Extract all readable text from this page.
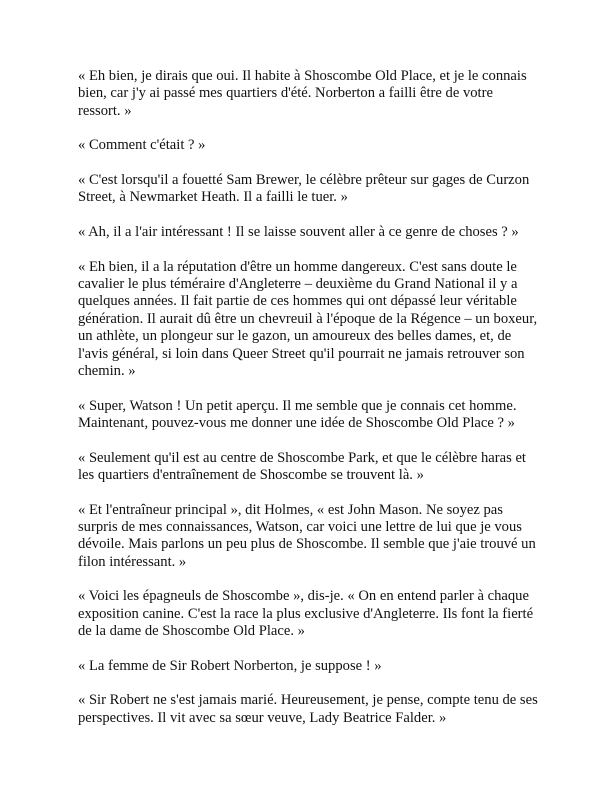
« Eh bien, je dirais que oui. Il habite à Shoscombe Old Place, et je le connais bien, car j'y ai passé mes quartiers d'été. Norberton a failli être de votre ressort. »

« Comment c'était ? »

« C'est lorsqu'il a fouetté Sam Brewer, le célèbre prêteur sur gages de Curzon Street, à Newmarket Heath. Il a failli le tuer. »

« Ah, il a l'air intéressant ! Il se laisse souvent aller à ce genre de choses ? »

« Eh bien, il a la réputation d'être un homme dangereux. C'est sans doute le cavalier le plus téméraire d'Angleterre – deuxième du Grand National il y a quelques années. Il fait partie de ces hommes qui ont dépassé leur véritable génération. Il aurait dû être un chevreuil à l'époque de la Régence – un boxeur, un athlète, un plongeur sur le gazon, un amoureux des belles dames, et, de l'avis général, si loin dans Queer Street qu'il pourrait ne jamais retrouver son chemin. »

« Super, Watson ! Un petit aperçu. Il me semble que je connais cet homme. Maintenant, pouvez-vous me donner une idée de Shoscombe Old Place ? »

« Seulement qu'il est au centre de Shoscombe Park, et que le célèbre haras et les quartiers d'entraînement de Shoscombe se trouvent là. »

« Et l'entraîneur principal », dit Holmes, « est John Mason. Ne soyez pas surpris de mes connaissances, Watson, car voici une lettre de lui que je vous dévoile. Mais parlons un peu plus de Shoscombe. Il semble que j'aie trouvé un filon intéressant. »

« Voici les épagneuls de Shoscombe », dis-je. « On en entend parler à chaque exposition canine. C'est la race la plus exclusive d'Angleterre. Ils font la fierté de la dame de Shoscombe Old Place. »

« La femme de Sir Robert Norberton, je suppose ! »

« Sir Robert ne s'est jamais marié. Heureusement, je pense, compte tenu de ses perspectives. Il vit avec sa sœur veuve, Lady Beatrice Falder. »
